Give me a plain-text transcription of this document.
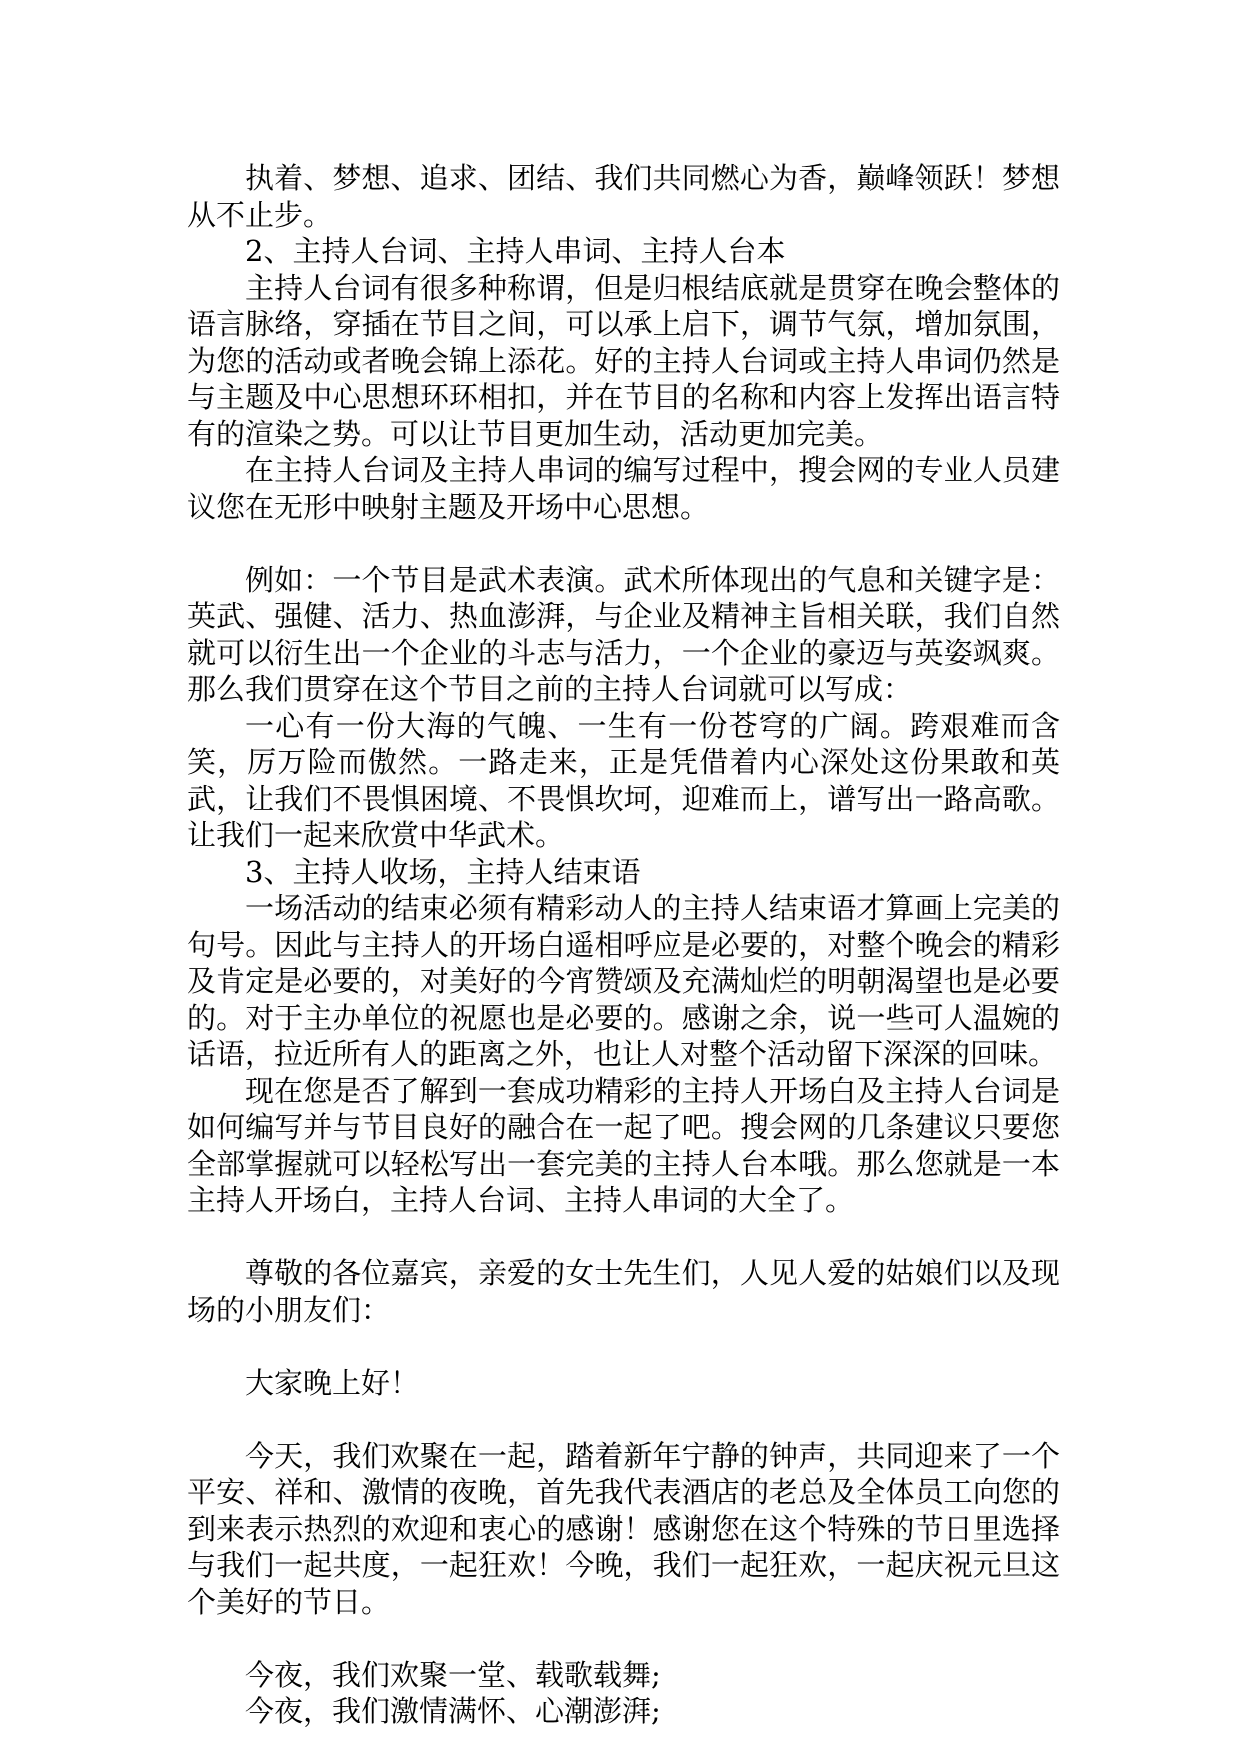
执着、梦想、追求、团结、我们共同燃心为香，巅峰领跃！梦想从不止步。

2、主持人台词、主持人串词、主持人台本

主持人台词有很多种称谓，但是归根结底就是贯穿在晚会整体的语言脉络，穿插在节目之间，可以承上启下，调节气氛，增加氛围，为您的活动或者晚会锦上添花。好的主持人台词或主持人串词仍然是与主题及中心思想环环相扣，并在节目的名称和内容上发挥出语言特有的渲染之势。可以让节目更加生动，活动更加完美。

在主持人台词及主持人串词的编写过程中，搜会网的专业人员建议您在无形中映射主题及开场中心思想。

例如：一个节目是武术表演。武术所体现出的气息和关键字是：英武、强健、活力、热血澎湃，与企业及精神主旨相关联，我们自然就可以衍生出一个企业的斗志与活力，一个企业的豪迈与英姿飒爽。那么我们贯穿在这个节目之前的主持人台词就可以写成：

一心有一份大海的气魄、一生有一份苍穹的广阔。跨艰难而含笑，厉万险而傲然。一路走来，正是凭借着内心深处这份果敢和英武，让我们不畏惧困境、不畏惧坎坷，迎难而上，谱写出一路高歌。让我们一起来欣赏中华武术。

3、主持人收场，主持人结束语

一场活动的结束必须有精彩动人的主持人结束语才算画上完美的句号。因此与主持人的开场白遥相呼应是必要的，对整个晚会的精彩及肯定是必要的，对美好的今宵赞颂及充满灿烂的明朝渴望也是必要的。对于主办单位的祝愿也是必要的。感谢之余，说一些可人温婉的话语，拉近所有人的距离之外，也让人对整个活动留下深深的回味。

现在您是否了解到一套成功精彩的主持人开场白及主持人台词是如何编写并与节目良好的融合在一起了吧。搜会网的几条建议只要您全部掌握就可以轻松写出一套完美的主持人台本哦。那么您就是一本主持人开场白，主持人台词、主持人串词的大全了。

尊敬的各位嘉宾，亲爱的女士先生们，人见人爱的姑娘们以及现场的小朋友们：

大家晚上好！

今天，我们欢聚在一起，踏着新年宁静的钟声，共同迎来了一个平安、祥和、激情的夜晚，首先我代表酒店的老总及全体员工向您的到来表示热烈的欢迎和衷心的感谢！感谢您在这个特殊的节日里选择与我们一起共度，一起狂欢！今晚，我们一起狂欢，一起庆祝元旦这个美好的节日。

今夜，我们欢聚一堂、载歌载舞;

今夜，我们激情满怀、心潮澎湃;
